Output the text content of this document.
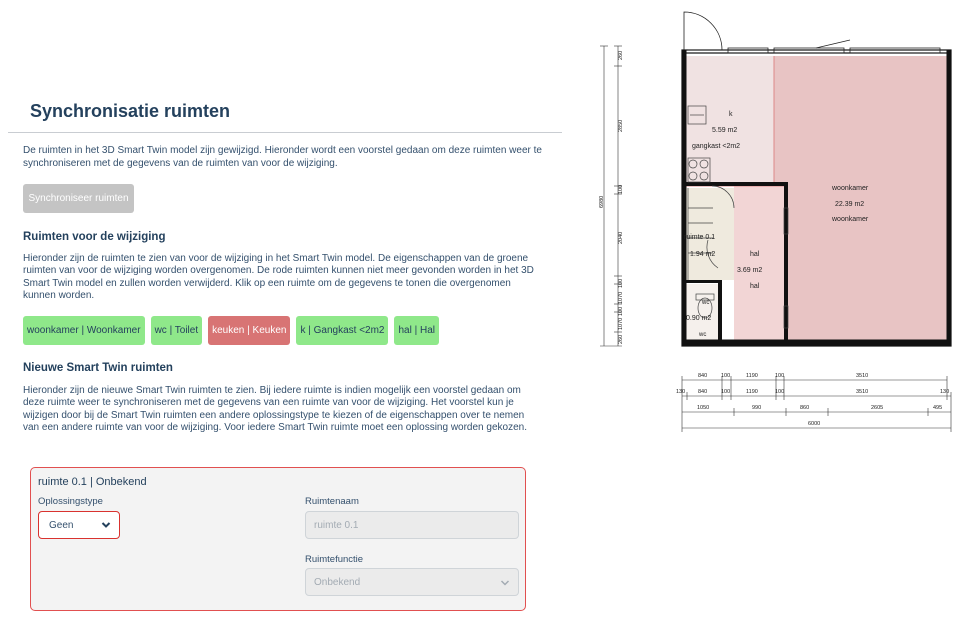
Synchronisatie ruimten
De ruimten in het 3D Smart Twin model zijn gewijzigd. Hieronder wordt een voorstel gedaan om deze ruimten weer te synchroniseren met de gegevens van de ruimten van voor de wijziging.
Synchroniseer ruimten
Ruimten voor de wijziging
Hieronder zijn de ruimten te zien van voor de wijziging in het Smart Twin model. De eigenschappen van de groene ruimten van voor de wijziging worden overgenomen. De rode ruimten kunnen niet meer gevonden worden in het 3D Smart Twin model en zullen worden verwijderd. Klik op een ruimte om de gegevens te tonen die overgenomen kunnen worden.
woonkamer | Woonkamer	wc | Toilet	keuken | Keuken	k | Gangkast <2m2	hal | Hal
Nieuwe Smart Twin ruimten
Hieronder zijn de nieuwe Smart Twin ruimten te zien. Bij iedere ruimte is indien mogelijk een voorstel gedaan om deze ruimte weer te synchroniseren met de gegevens van een ruimte van voor de wijziging. Het voorstel kun je wijzigen door bij de Smart Twin ruimten een andere oplossingstype te kiezen of de eigenschappen over te nemen van een andere ruimte van voor de wijziging. Voor iedere Smart Twin ruimte moet een oplossing worden gekozen.
ruimte 0.1 | Onbekend
Oplossingstype
Geen
Ruimtenaam
ruimte 0.1
Ruimtefunctie
Onbekend
k
5.59 m2
gangkast <2m2
woonkamer
22.39 m2
woonkamer
ruimte 0.1
1.94 m2	hal
3.69 m2
hal
wc
0.90 m2
wc
260
2850
100
2040
100
1070
100
1070
260
6980
840	100	1190	100	3510
130 840	100	1190	100	3510	130
1050	990	860	2605	495
6000
